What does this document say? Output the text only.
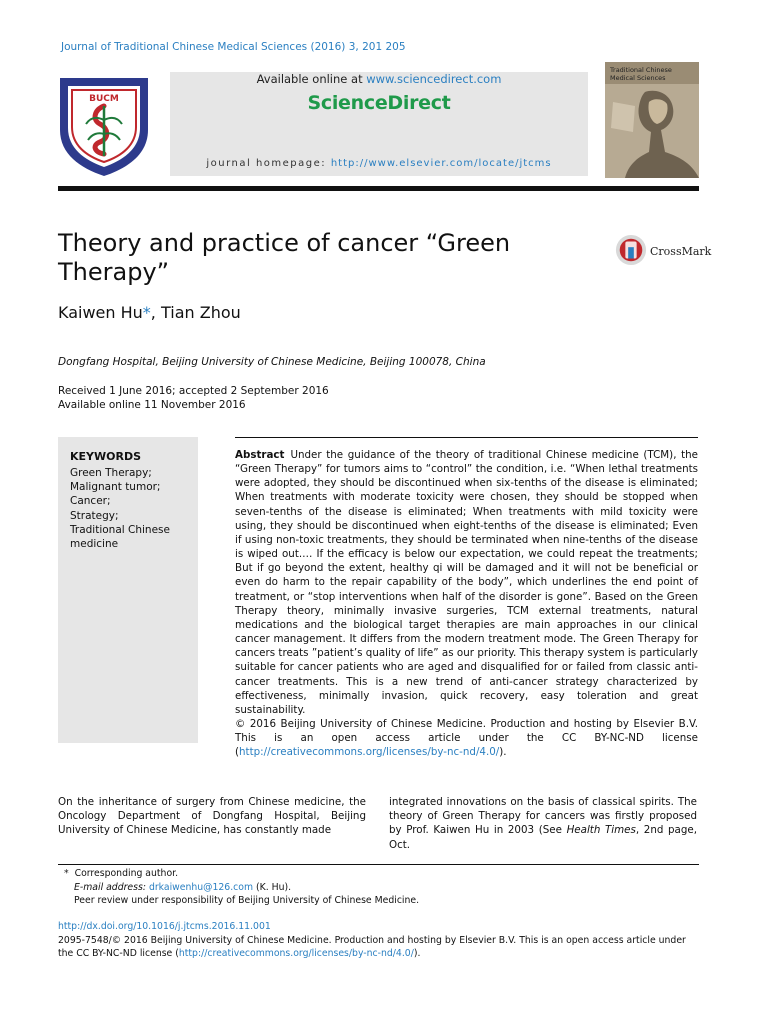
Journal of Traditional Chinese Medical Sciences (2016) 3, 201 205
BUCM
Available online at www.sciencedirect.com
ScienceDirect
journal homepage: http://www.elsevier.com/locate/jtcms
Traditional Chinese
Medical Sciences
Theory and practice of cancer “Green Therapy”
CrossMark
Kaiwen Hu*, Tian Zhou
Dongfang Hospital, Beijing University of Chinese Medicine, Beijing 100078, China
Received 1 June 2016; accepted 2 September 2016
Available online 11 November 2016
KEYWORDS
Green Therapy;
Malignant tumor;
Cancer;
Strategy;
Traditional Chinese medicine
Abstract Under the guidance of the theory of traditional Chinese medicine (TCM), the “Green Therapy” for tumors aims to “control” the condition, i.e. “When lethal treatments were adopted, they should be discontinued when six-tenths of the disease is eliminated; When treatments with moderate toxicity were chosen, they should be stopped when seven-tenths of the disease is eliminated; When treatments with mild toxicity were using, they should be discontinued when eight-tenths of the disease is eliminated; Even if using non-toxic treatments, they should be terminated when nine-tenths of the disease is wiped out.… If the efficacy is below our expectation, we could repeat the treatments; But if go beyond the extent, healthy qi will be damaged and it will not be beneficial or even do harm to the repair capability of the body”, which underlines the end point of treatment, or “stop interventions when half of the disorder is gone”. Based on the Green Therapy theory, minimally invasive surgeries, TCM external treatments, natural medications and the biological target therapies are main approaches in our clinical cancer management. It differs from the modern treatment mode. The Green Therapy for cancers treats ”patient’s quality of life” as our priority. This therapy system is particularly suitable for cancer patients who are aged and disqualified for or failed from classic anti-cancer treatments. This is a new trend of anti-cancer strategy characterized by effectiveness, minimally invasion, quick recovery, easy toleration and great sustainability.
© 2016 Beijing University of Chinese Medicine. Production and hosting by Elsevier B.V. This is an open access article under the CC BY-NC-ND license (http://creativecommons.org/licenses/by-nc-nd/4.0/).
On the inheritance of surgery from Chinese medicine, the Oncology Department of Dongfang Hospital, Beijing University of Chinese Medicine, has constantly made
integrated innovations on the basis of classical spirits. The theory of Green Therapy for cancers was firstly proposed by Prof. Kaiwen Hu in 2003 (See Health Times, 2nd page, Oct.
* Corresponding author.
E-mail address: drkaiwenhu@126.com (K. Hu).
Peer review under responsibility of Beijing University of Chinese Medicine.
http://dx.doi.org/10.1016/j.jtcms.2016.11.001
2095-7548/© 2016 Beijing University of Chinese Medicine. Production and hosting by Elsevier B.V. This is an open access article under the CC BY-NC-ND license (http://creativecommons.org/licenses/by-nc-nd/4.0/).
